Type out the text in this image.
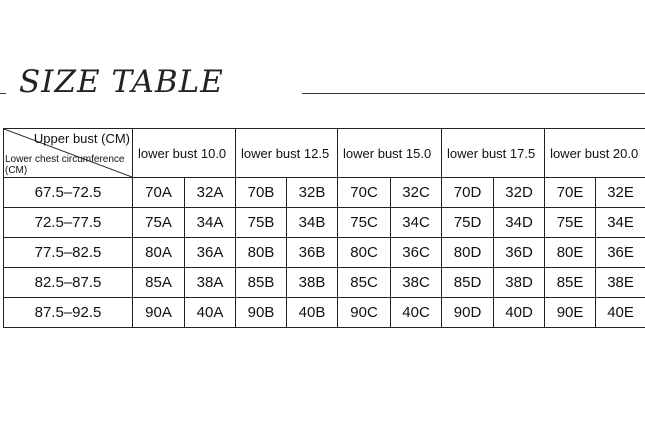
SIZE TABLE
Upper bust (CM)
Lower chest circumference (CM)	lower bust 10.0		lower bust 12.5		lower bust 15.0		lower bust 17.5		lower bust 20.0	
67.5–72.5	70A	32A	70B	32B	70C	32C	70D	32D	70E	32E
72.5–77.5	75A	34A	75B	34B	75C	34C	75D	34D	75E	34E
77.5–82.5	80A	36A	80B	36B	80C	36C	80D	36D	80E	36E
82.5–87.5	85A	38A	85B	38B	85C	38C	85D	38D	85E	38E
87.5–92.5	90A	40A	90B	40B	90C	40C	90D	40D	90E	40E
